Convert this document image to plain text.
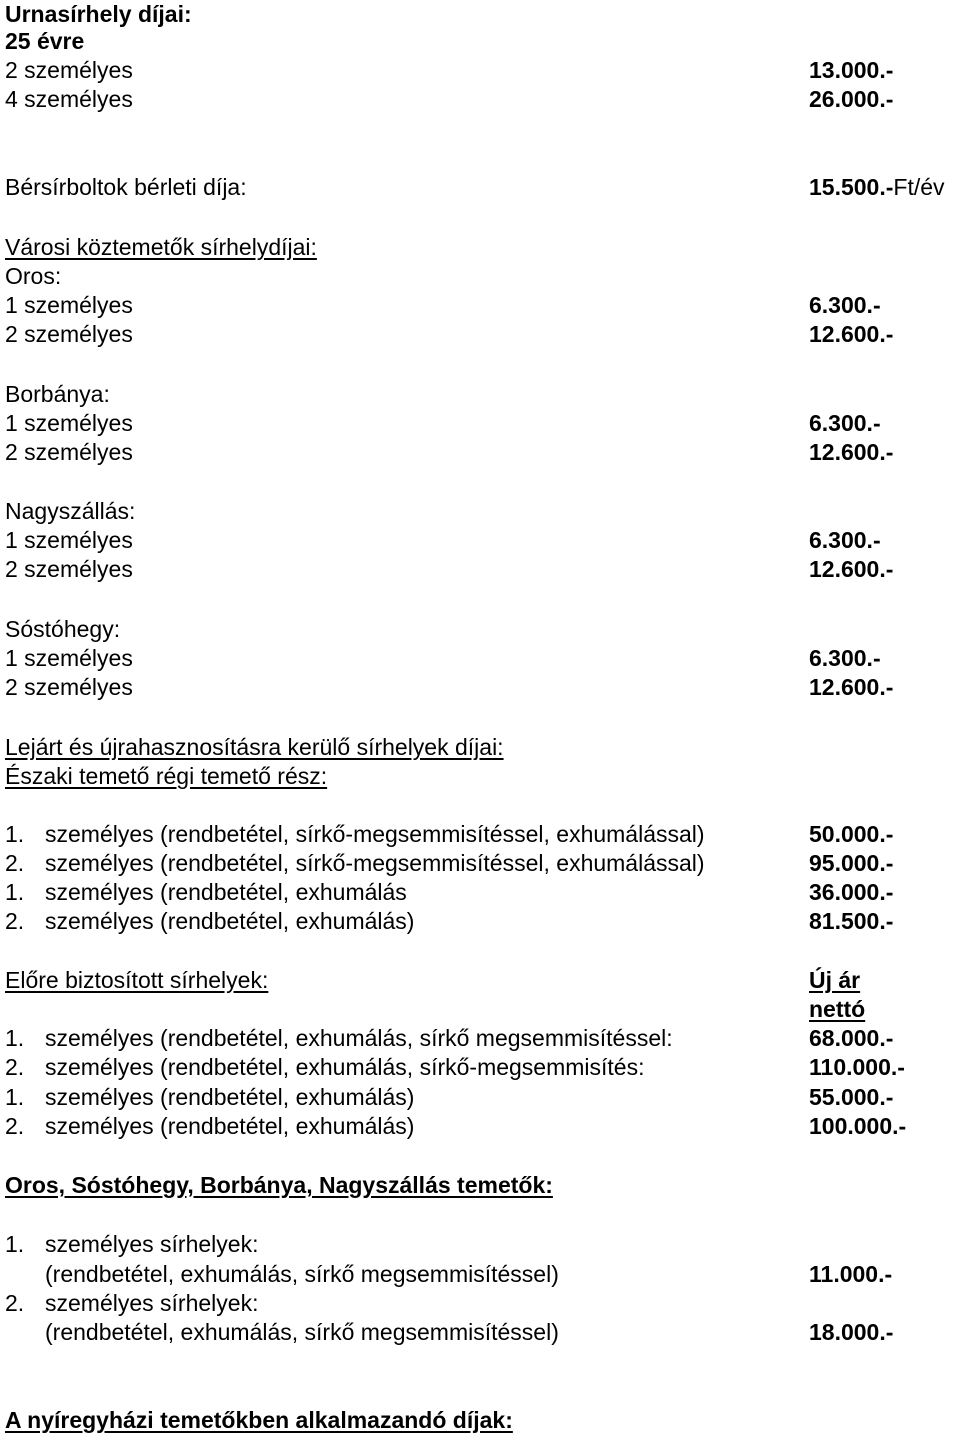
Urnasírhely díjai:
25 évre
2 személyes	13.000.-
4 személyes	26.000.-
Bérsírboltok bérleti díja:	15.500.-Ft/év
Városi köztemetők sírhelydíjai:
Oros:
1 személyes	6.300.-
2 személyes	12.600.-
Borbánya:
1 személyes	6.300.-
2 személyes	12.600.-
Nagyszállás:
1 személyes	6.300.-
2 személyes	12.600.-
Sóstóhegy:
1 személyes	6.300.-
2 személyes	12.600.-
Lejárt és újrahasznosításra kerülő sírhelyek díjai:
Északi temető régi temető rész:
1. személyes (rendbetétel, sírkő-megsemmisítéssel, exhumálással)	50.000.-
2. személyes (rendbetétel, sírkő-megsemmisítéssel, exhumálással)	95.000.-
1. személyes (rendbetétel, exhumálás	36.000.-
2. személyes (rendbetétel, exhumálás)	81.500.-
Előre biztosított sírhelyek:	Új ár
nettó
1. személyes (rendbetétel, exhumálás, sírkő megsemmisítéssel:	68.000.-
2. személyes (rendbetétel, exhumálás, sírkő-megsemmisítés:	110.000.-
1. személyes (rendbetétel, exhumálás)	55.000.-
2. személyes (rendbetétel, exhumálás)	100.000.-
Oros, Sóstóhegy, Borbánya, Nagyszállás temetők:
1. személyes sírhelyek:
(rendbetétel, exhumálás, sírkő megsemmisítéssel)	11.000.-
2. személyes sírhelyek:
(rendbetétel, exhumálás, sírkő megsemmisítéssel)	18.000.-
A nyíregyházi temetőkben alkalmazandó díjak:
